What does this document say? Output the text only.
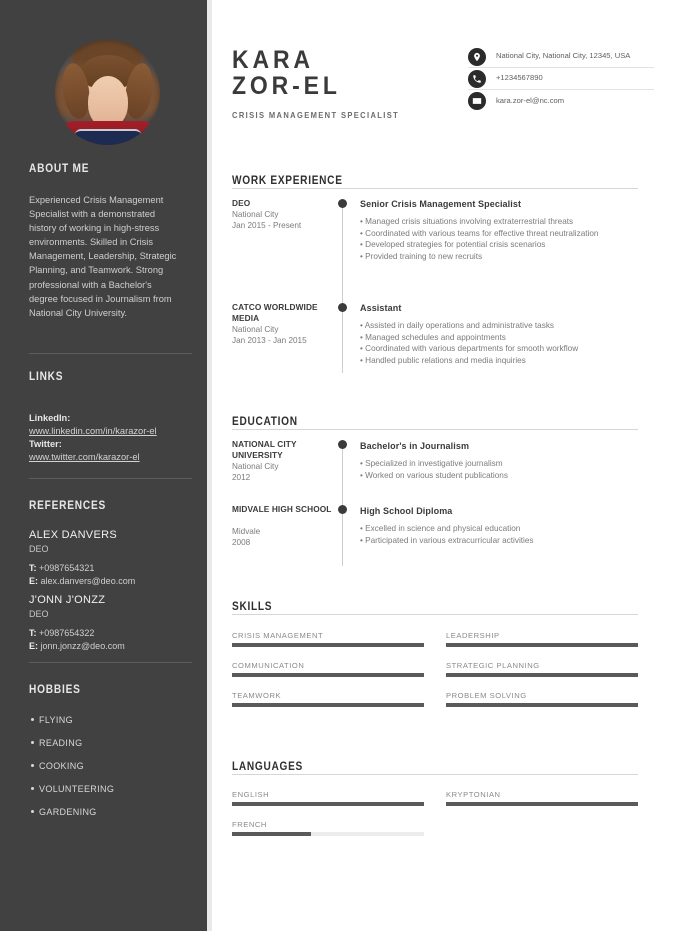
ABOUT ME
Experienced Crisis Management Specialist with a demonstrated history of working in high-stress environments. Skilled in Crisis Management, Leadership, Strategic Planning, and Teamwork. Strong professional with a Bachelor's degree focused in Journalism from National City University.
LINKS
LinkedIn:
www.linkedin.com/in/karazor-el
Twitter:
www.twitter.com/karazor-el
REFERENCES
ALEX DANVERS
DEO
T: +0987654321
E: alex.danvers@deo.com
J'ONN J'ONZZ
DEO
T: +0987654322
E: jonn.jonzz@deo.com
HOBBIES
FLYING
READING
COOKING
VOLUNTEERING
GARDENING
KARA
ZOR-EL
CRISIS MANAGEMENT SPECIALIST
National City, National City, 12345, USA
+1234567890
kara.zor-el@nc.com
WORK EXPERIENCE
DEO
National City
Jan 2015 - Present
Senior Crisis Management Specialist
• Managed crisis situations involving extraterrestrial threats
• Coordinated with various teams for effective threat neutralization
• Developed strategies for potential crisis scenarios
• Provided training to new recruits
CATCO WORLDWIDE MEDIA
National City
Jan 2013 - Jan 2015
Assistant
• Assisted in daily operations and administrative tasks
• Managed schedules and appointments
• Coordinated with various departments for smooth workflow
• Handled public relations and media inquiries
EDUCATION
NATIONAL CITY UNIVERSITY
National City
2012
Bachelor's in Journalism
• Specialized in investigative journalism
• Worked on various student publications
MIDVALE HIGH SCHOOL
Midvale
2008
High School Diploma
• Excelled in science and physical education
• Participated in various extracurricular activities
SKILLS
CRISIS MANAGEMENT	LEADERSHIP
COMMUNICATION	STRATEGIC PLANNING
TEAMWORK	PROBLEM SOLVING
LANGUAGES
ENGLISH	KRYPTONIAN
FRENCH
